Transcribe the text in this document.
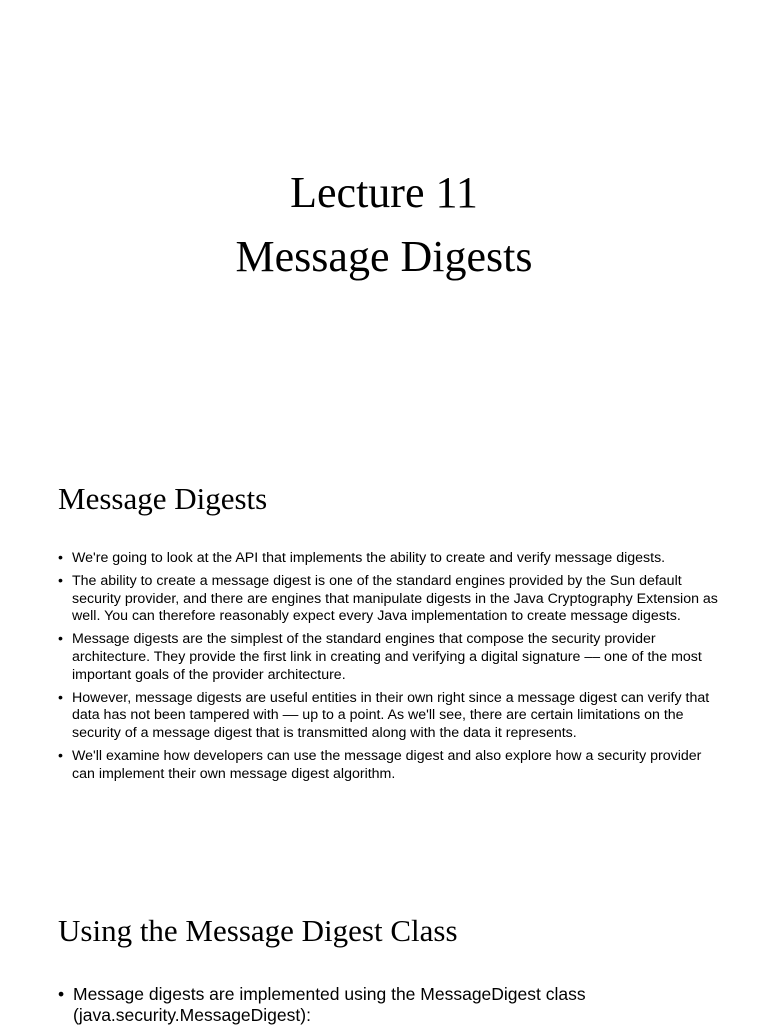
Lecture 11
Message Digests
Message Digests
• We're going to look at the API that implements the ability to create and verify message digests.
• The ability to create a message digest is one of the standard engines provided by the Sun default security provider, and there are engines that manipulate digests in the Java Cryptography Extension as well. You can therefore reasonably expect every Java implementation to create message digests.
• Message digests are the simplest of the standard engines that compose the security provider architecture. They provide the first link in creating and verifying a digital signature –– one of the most important goals of the provider architecture.
• However, message digests are useful entities in their own right since a message digest can verify that data has not been tampered with –– up to a point. As we'll see, there are certain limitations on the security of a message digest that is transmitted along with the data it represents.
• We'll examine how developers can use the message digest and also explore how a security provider can implement their own message digest algorithm.
Using the Message Digest Class
• Message digests are implemented using the MessageDigest class (java.security.MessageDigest):
